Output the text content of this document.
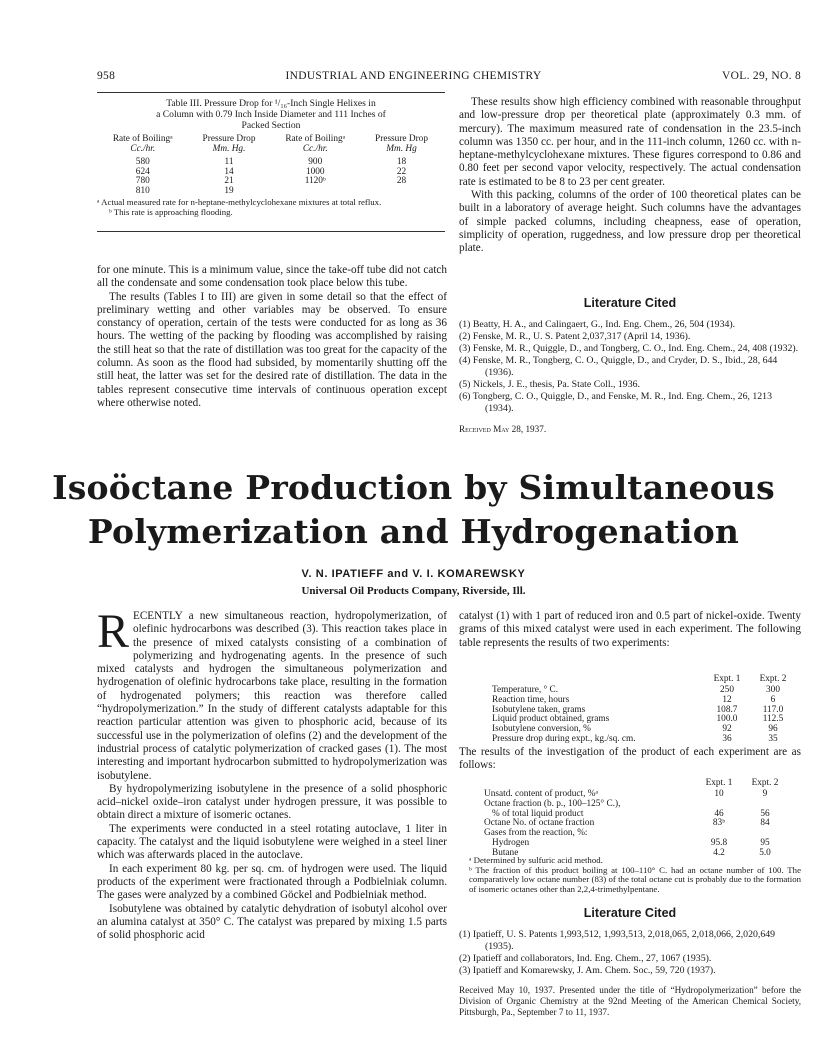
958	INDUSTRIAL AND ENGINEERING CHEMISTRY	VOL. 29, NO. 8
Table III. Pressure Drop for ¹/₁₆-Inch Single Helixes in
a Column with 0.79 Inch Inside Diameter and 111 Inches of
Packed Section
Rate of Boilingᵃ	Pressure Drop	Rate of Boilingᵃ	Pressure Drop
Cc./hr.	Mm. Hg.	Cc./hr.	Mm. Hg

580	11	900	18
624	14	1000	22
780	21	1120ᵇ	28
810	19		
ᵃ Actual measured rate for n-heptane-methylcyclohexane mixtures at total reflux.
ᵇ This rate is approaching flooding.

for one minute. This is a minimum value, since the take-off tube did not catch all the condensate and some condensation took place below this tube.

The results (Tables I to III) are given in some detail so that the effect of preliminary wetting and other variables may be observed. To ensure constancy of operation, certain of the tests were conducted for as long as 36 hours. The wetting of the packing by flooding was accomplished by raising the still heat so that the rate of distillation was too great for the capacity of the column. As soon as the flood had subsided, by momentarily shutting off the still heat, the latter was set for the desired rate of distillation. The data in the tables represent consecutive time intervals of continuous operation except where otherwise noted.

These results show high efficiency combined with reasonable throughput and low-pressure drop per theoretical plate (approximately 0.3 mm. of mercury). The maximum measured rate of condensation in the 23.5-inch column was 1350 cc. per hour, and in the 111-inch column, 1260 cc. with n-heptane-methylcyclohexane mixtures. These figures correspond to 0.86 and 0.80 feet per second vapor velocity, respectively. The actual condensation rate is estimated to be 8 to 23 per cent greater.

With this packing, columns of the order of 100 theoretical plates can be built in a laboratory of average height. Such columns have the advantages of simple packed columns, including cheapness, ease of operation, simplicity of operation, ruggedness, and low pressure drop per theoretical plate.

Literature Cited
(1) Beatty, H. A., and Calingaert, G., Ind. Eng. Chem., 26, 504 (1934).
(2) Fenske, M. R., U. S. Patent 2,037,317 (April 14, 1936).
(3) Fenske, M. R., Quiggle, D., and Tongberg, C. O., Ind. Eng. Chem., 24, 408 (1932).
(4) Fenske, M. R., Tongberg, C. O., Quiggle, D., and Cryder, D. S., Ibid., 28, 644 (1936).
(5) Nickels, J. E., thesis, Pa. State Coll., 1936.
(6) Tongberg, C. O., Quiggle, D., and Fenske, M. R., Ind. Eng. Chem., 26, 1213 (1934).
Received May 28, 1937.
Isoöctane Production by Simultaneous
Polymerization and Hydrogenation
V. N. IPATIEFF and V. I. KOMAREWSKY
Universal Oil Products Company, Riverside, Ill.

RECENTLY a new simultaneous reaction, hydropolymerization, of olefinic hydrocarbons was described (3). This reaction takes place in the presence of mixed catalysts consisting of a combination of polymerizing and hydrogenating agents. In the presence of such mixed catalysts and hydrogen the simultaneous polymerization and hydrogenation of olefinic hydrocarbons take place, resulting in the formation of hydrogenated polymers; this reaction was therefore called “hydropolymerization.” In the study of different catalysts adaptable for this reaction particular attention was given to phosphoric acid, because of its successful use in the polymerization of olefins (2) and the development of the industrial process of catalytic polymerization of cracked gases (1). The most interesting and important hydrocarbon submitted to hydropolymerization was isobutylene.

By hydropolymerizing isobutylene in the presence of a solid phosphoric acid–nickel oxide–iron catalyst under hydrogen pressure, it was possible to obtain direct a mixture of isomeric octanes.

The experiments were conducted in a steel rotating autoclave, 1 liter in capacity. The catalyst and the liquid isobutylene were weighed in a steel liner which was afterwards placed in the autoclave.

In each experiment 80 kg. per sq. cm. of hydrogen were used. The liquid products of the experiment were fractionated through a Podbielniak column. The gases were analyzed by a combined Göckel and Podbielniak method.

Isobutylene was obtained by catalytic dehydration of isobutyl alcohol over an alumina catalyst at 350° C. The catalyst was prepared by mixing 1.5 parts of solid phosphoric acid

catalyst (1) with 1 part of reduced iron and 0.5 part of nickel-oxide. Twenty grams of this mixed catalyst were used in each experiment. The following table represents the results of two experiments:

	Expt. 1	Expt. 2
Temperature, ° C.	250	300
Reaction time, hours	12	6
Isobutylene taken, grams	108.7	117.0
Liquid product obtained, grams	100.0	112.5
Isobutylene conversion, %	92	96
Pressure drop during expt., kg./sq. cm.	36	35

The results of the investigation of the product of each experiment are as follows:

	Expt. 1	Expt. 2
Unsatd. content of product, %ᵃ	10	9
Octane fraction (b. p., 100–125° C.),		
% of total liquid product	46	56
Octane No. of octane fraction	83ᵇ	84
Gases from the reaction, %:		
Hydrogen	95.8	95
Butane	4.2	5.0
ᵃ Determined by sulfuric acid method.
ᵇ The fraction of this product boiling at 100–110° C. had an octane number of 100. The comparatively low octane number (83) of the total octane cut is probably due to the formation of isomeric octanes other than 2,2,4-trimethylpentane.
Literature Cited
(1) Ipatieff, U. S. Patents 1,993,512, 1,993,513, 2,018,065, 2,018,066, 2,020,649 (1935).
(2) Ipatieff and collaborators, Ind. Eng. Chem., 27, 1067 (1935).
(3) Ipatieff and Komarewsky, J. Am. Chem. Soc., 59, 720 (1937).
Received May 10, 1937. Presented under the title of “Hydropolymerization” before the Division of Organic Chemistry at the 92nd Meeting of the American Chemical Society, Pittsburgh, Pa., September 7 to 11, 1937.
